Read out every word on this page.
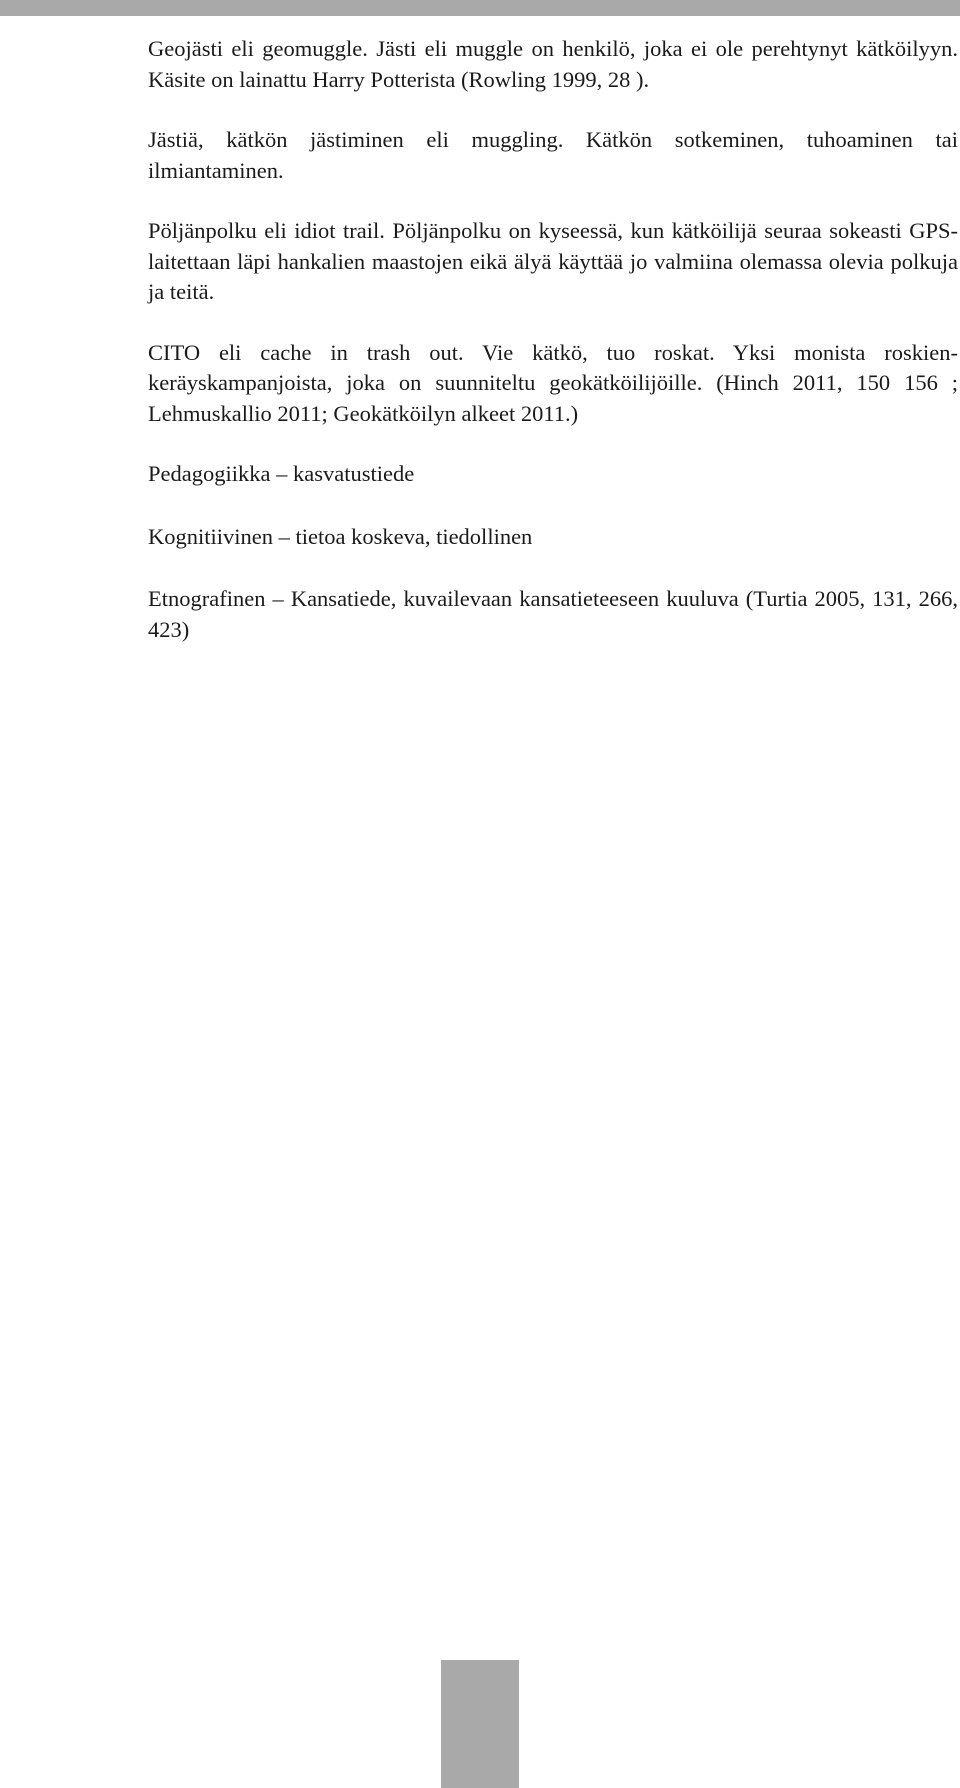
Geojästi eli geomuggle. Jästi eli muggle on henkilö, joka ei ole perehtynyt kätköilyyn. Käsite on lainattu Harry Potterista (Rowling 1999, 28 ).

Jästiä, kätkön jästiminen eli muggling. Kätkön sotkeminen, tuhoaminen tai ilmiantaminen.

Pöljänpolku eli idiot trail. Pöljänpolku on kyseessä, kun kätköilijä seuraa sokeasti GPS-laitettaan läpi hankalien maastojen eikä älyä käyttää jo valmiina olemassa olevia polkuja ja teitä.

CITO eli cache in trash out. Vie kätkö, tuo roskat. Yksi monista roskienkeräyskampanjoista, joka on suunniteltu geokätköilijöille. (Hinch 2011, 150 156 ; Lehmuskallio 2011; Geokätköilyn alkeet 2011.)

Pedagogiikka – kasvatustiede

Kognitiivinen – tietoa koskeva, tiedollinen

Etnografinen – Kansatiede, kuvailevaan kansatieteeseen kuuluva (Turtia 2005, 131, 266, 423)
